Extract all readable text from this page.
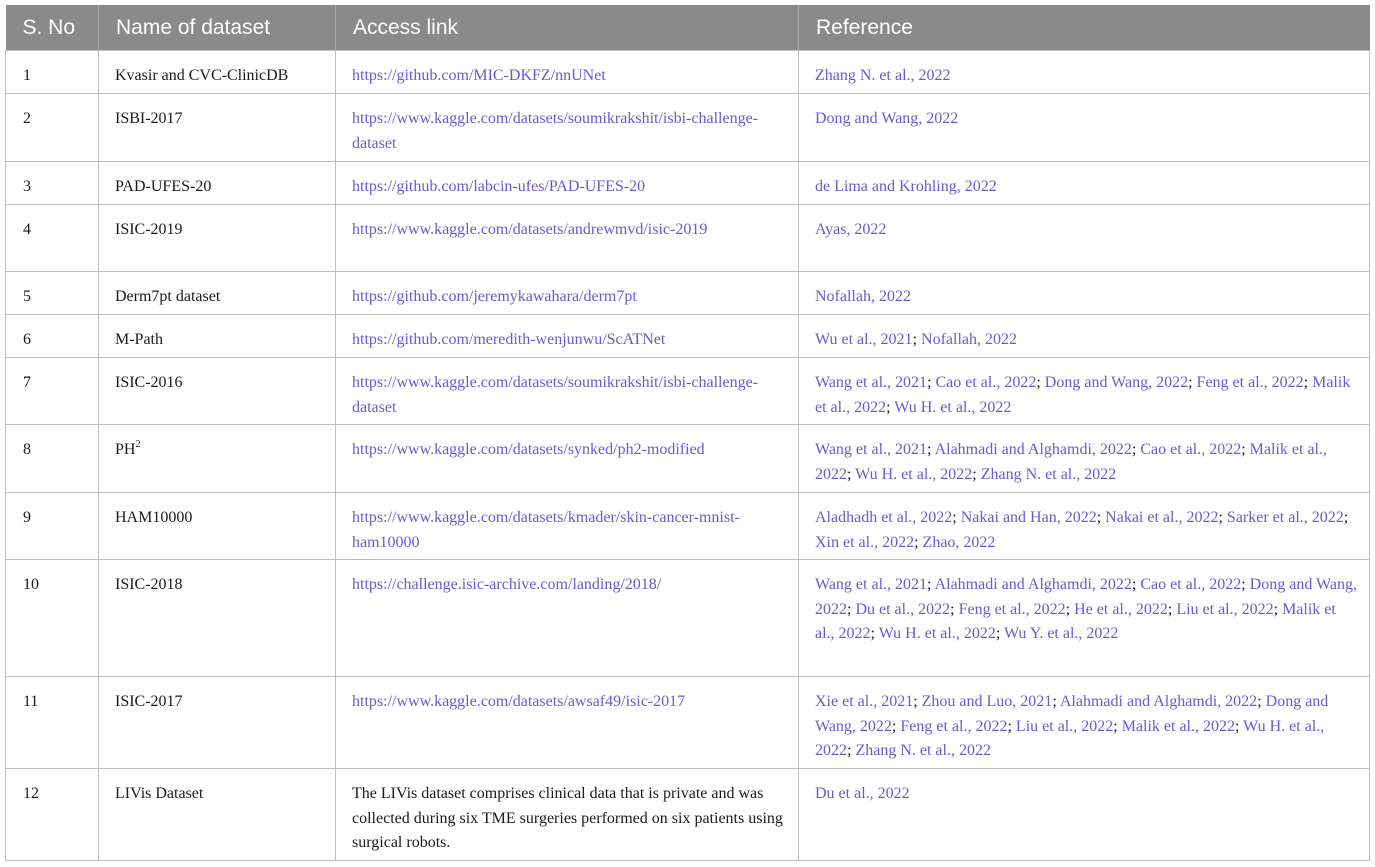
S. No	Name of dataset	Access link	Reference
1	Kvasir and CVC-ClinicDB	https://github.com/MIC-DKFZ/nnUNet	Zhang N. et al., 2022
2	ISBI-2017	https://www.kaggle.com/datasets/soumikrakshit/isbi-challenge-dataset	Dong and Wang, 2022
3	PAD-UFES-20	https://github.com/labcin-ufes/PAD-UFES-20	de Lima and Krohling, 2022
4	ISIC-2019	https://www.kaggle.com/datasets/andrewmvd/isic-2019	Ayas, 2022
5	Derm7pt dataset	https://github.com/jeremykawahara/derm7pt	Nofallah, 2022
6	M-Path	https://github.com/meredith-wenjunwu/ScATNet	Wu et al., 2021; Nofallah, 2022
7	ISIC-2016	https://www.kaggle.com/datasets/soumikrakshit/isbi-challenge-dataset	Wang et al., 2021; Cao et al., 2022; Dong and Wang, 2022; Feng et al., 2022; Malik et al., 2022; Wu H. et al., 2022
8	$PH^2$	https://www.kaggle.com/datasets/synked/ph2-modified	Wang et al., 2021; Alahmadi and Alghamdi, 2022; Cao et al., 2022; Malik et al., 2022; Wu H. et al., 2022; Zhang N. et al., 2022
9	HAM10000	https://www.kaggle.com/datasets/kmader/skin-cancer-mnist-ham10000	Aladhadh et al., 2022; Nakai and Han, 2022; Nakai et al., 2022; Sarker et al., 2022; Xin et al., 2022; Zhao, 2022
10	ISIC-2018	https://challenge.isic-archive.com/landing/2018/	Wang et al., 2021; Alahmadi and Alghamdi, 2022; Cao et al., 2022; Dong and Wang, 2022; Du et al., 2022; Feng et al., 2022; He et al., 2022; Liu et al., 2022; Malik et al., 2022; Wu H. et al., 2022; Wu Y. et al., 2022
11	ISIC-2017	https://www.kaggle.com/datasets/awsaf49/isic-2017	Xie et al., 2021; Zhou and Luo, 2021; Alahmadi and Alghamdi, 2022; Dong and Wang, 2022; Feng et al., 2022; Liu et al., 2022; Malik et al., 2022; Wu H. et al., 2022; Zhang N. et al., 2022
12	LIVis Dataset	The LIVis dataset comprises clinical data that is private and was collected during six TME surgeries performed on six patients using surgical robots.	Du et al., 2022
